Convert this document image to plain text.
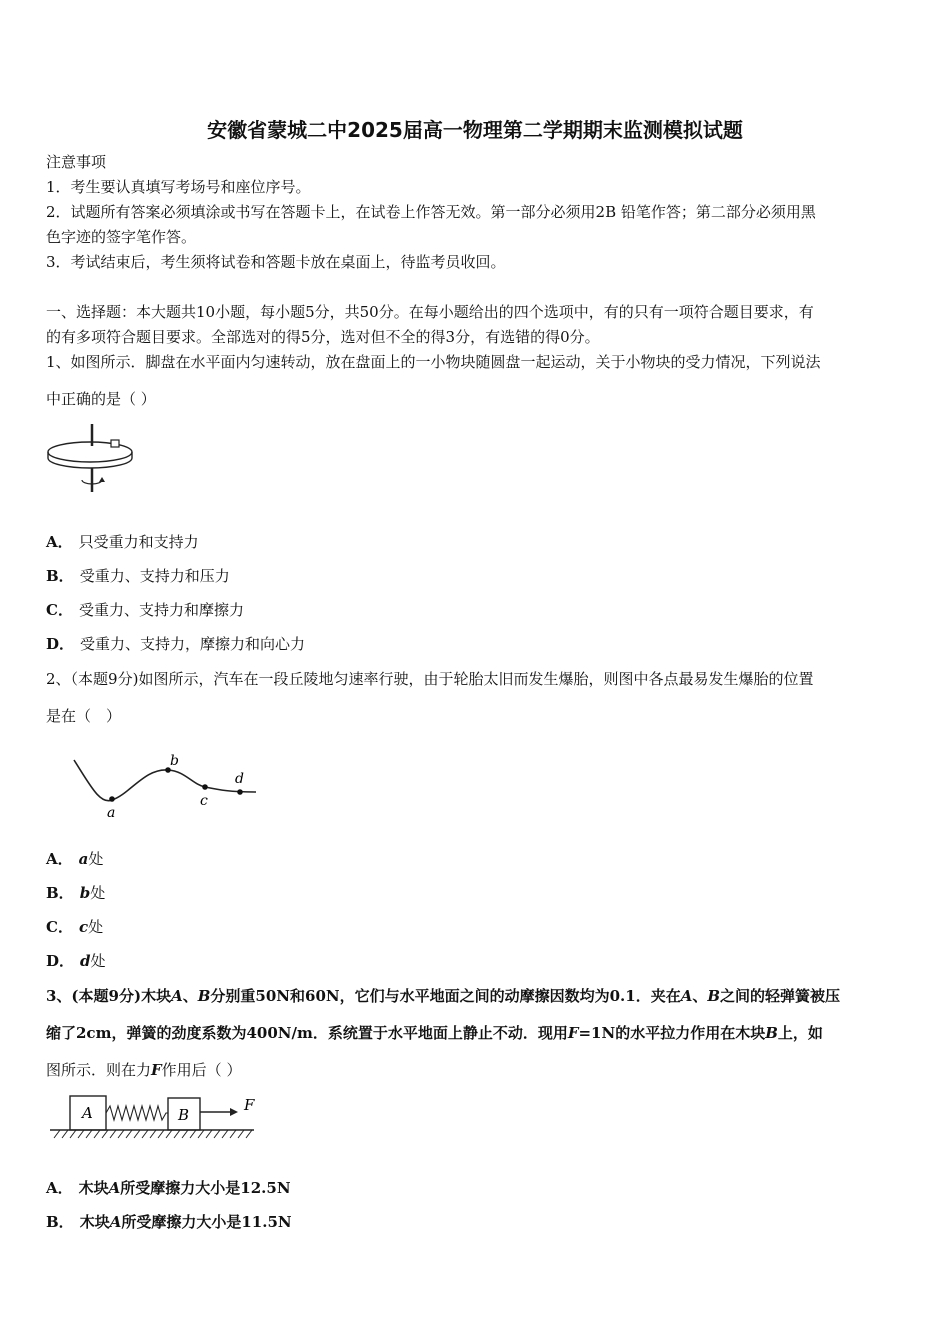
安徽省蒙城二中2025届高一物理第二学期期末监测模拟试题
注意事项
1．考生要认真填写考场号和座位序号。
2．试题所有答案必须填涂或书写在答题卡上，在试卷上作答无效。第一部分必须用2B 铅笔作答；第二部分必须用黑
色字迹的签字笔作答。
3．考试结束后，考生须将试卷和答题卡放在桌面上，待监考员收回。
一、选择题：本大题共10小题，每小题5分，共50分。在每小题给出的四个选项中，有的只有一项符合题目要求，有
的有多项符合题目要求。全部选对的得5分，选对但不全的得3分，有选错的得0分。
1、如图所示．脚盘在水平面内匀速转动，放在盘面上的一小物块随圆盘一起运动，关于小物块的受力情况，下列说法
中正确的是（ ）
A． 只受重力和支持力
B． 受重力、支持力和压力
C． 受重力、支持力和摩擦力
D． 受重力、支持力，摩擦力和向心力
2、（本题9分)如图所示，汽车在一段丘陵地匀速率行驶，由于轮胎太旧而发生爆胎，则图中各点最易发生爆胎的位置
是在（　）
a
b
c
d
A． a处
B． b处
C． c处
D． d处
3、(本题9分)木块A、B分别重50N和60N，它们与水平地面之间的动摩擦因数均为0.1．夹在A、B之间的轻弹簧被压
缩了2cm，弹簧的劲度系数为400N/m．系统置于水平地面上静止不动．现用F=1N的水平拉力作用在木块B上，如
图所示．则在力F作用后（ ）
A	B
F
A． 木块A所受摩擦力大小是12.5N
B． 木块A所受摩擦力大小是11.5N
